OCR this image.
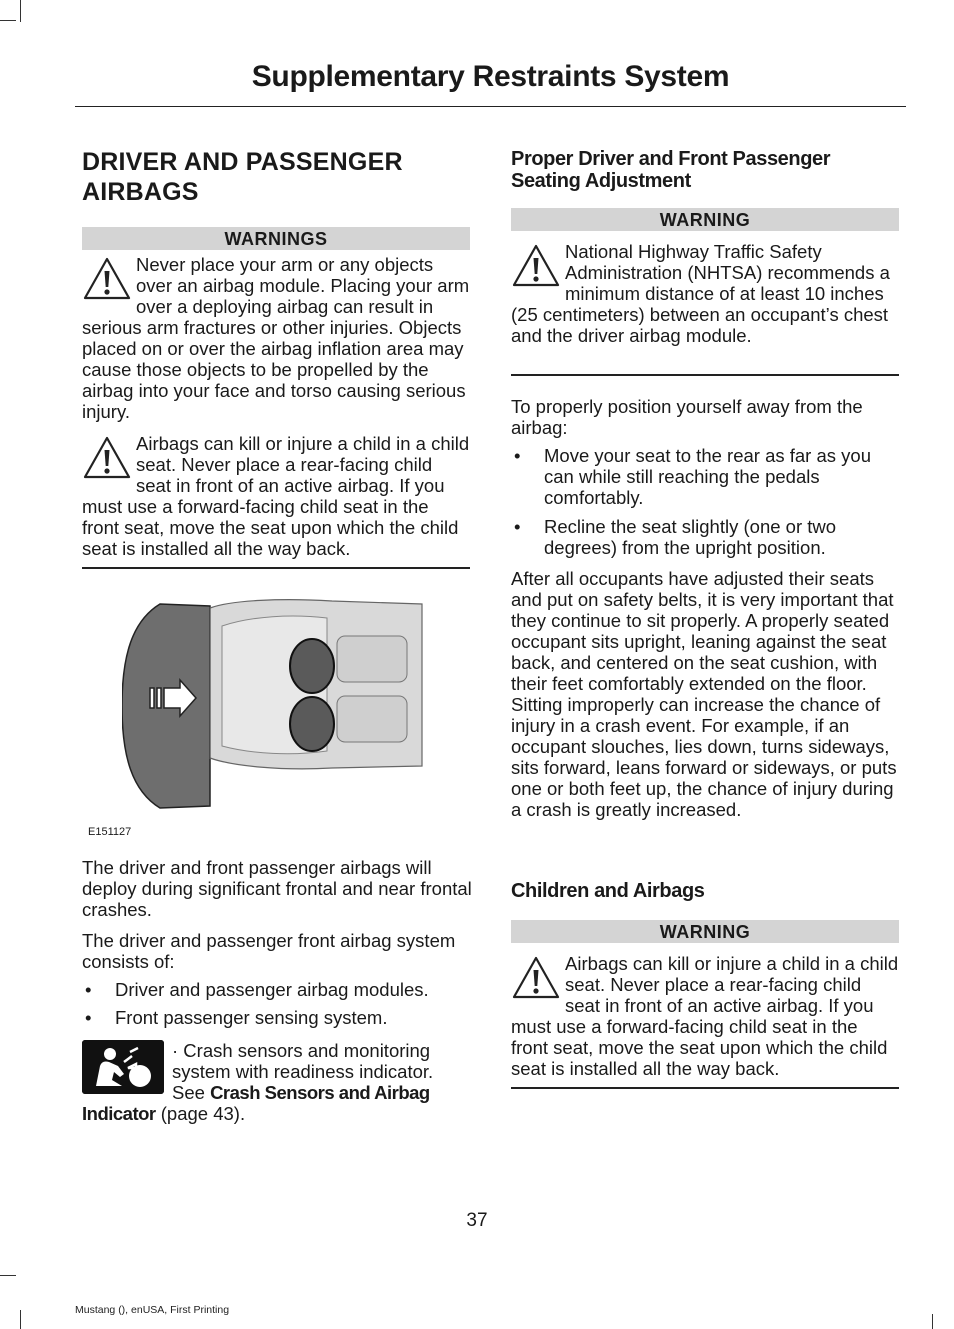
Supplementary Restraints System
DRIVER AND PASSENGER AIRBAGS
WARNINGS
Never place your arm or any objects over an airbag module. Placing your arm over a deploying airbag can result in serious arm fractures or other injuries. Objects placed on or over the airbag inflation area may cause those objects to be propelled by the airbag into your face and torso causing serious injury.
Airbags can kill or injure a child in a child seat. Never place a rear-facing child seat in front of an active airbag. If you must use a forward-facing child seat in the front seat, move the seat upon which the child seat is installed all the way back.
E151127
The driver and front passenger airbags will deploy during significant frontal and near frontal crashes.
The driver and passenger front airbag system consists of:
• Driver and passenger airbag modules.
• Front passenger sensing system.
· Crash sensors and monitoring system with readiness indicator. See Crash Sensors and Airbag Indicator (page 43).
Proper Driver and Front Passenger Seating Adjustment
WARNING
National Highway Traffic Safety Administration (NHTSA) recommends a minimum distance of at least 10 inches (25 centimeters) between an occupant’s chest and the driver airbag module.
To properly position yourself away from the airbag:
• Move your seat to the rear as far as you can while still reaching the pedals comfortably.
• Recline the seat slightly (one or two degrees) from the upright position.
After all occupants have adjusted their seats and put on safety belts, it is very important that they continue to sit properly. A properly seated occupant sits upright, leaning against the seat back, and centered on the seat cushion, with their feet comfortably extended on the floor. Sitting improperly can increase the chance of injury in a crash event. For example, if an occupant slouches, lies down, turns sideways, sits forward, leans forward or sideways, or puts one or both feet up, the chance of injury during a crash is greatly increased.
Children and Airbags
WARNING
Airbags can kill or injure a child in a child seat. Never place a rear-facing child seat in front of an active airbag. If you must use a forward-facing child seat in the front seat, move the seat upon which the child seat is installed all the way back.
37
Mustang (), enUSA, First Printing
